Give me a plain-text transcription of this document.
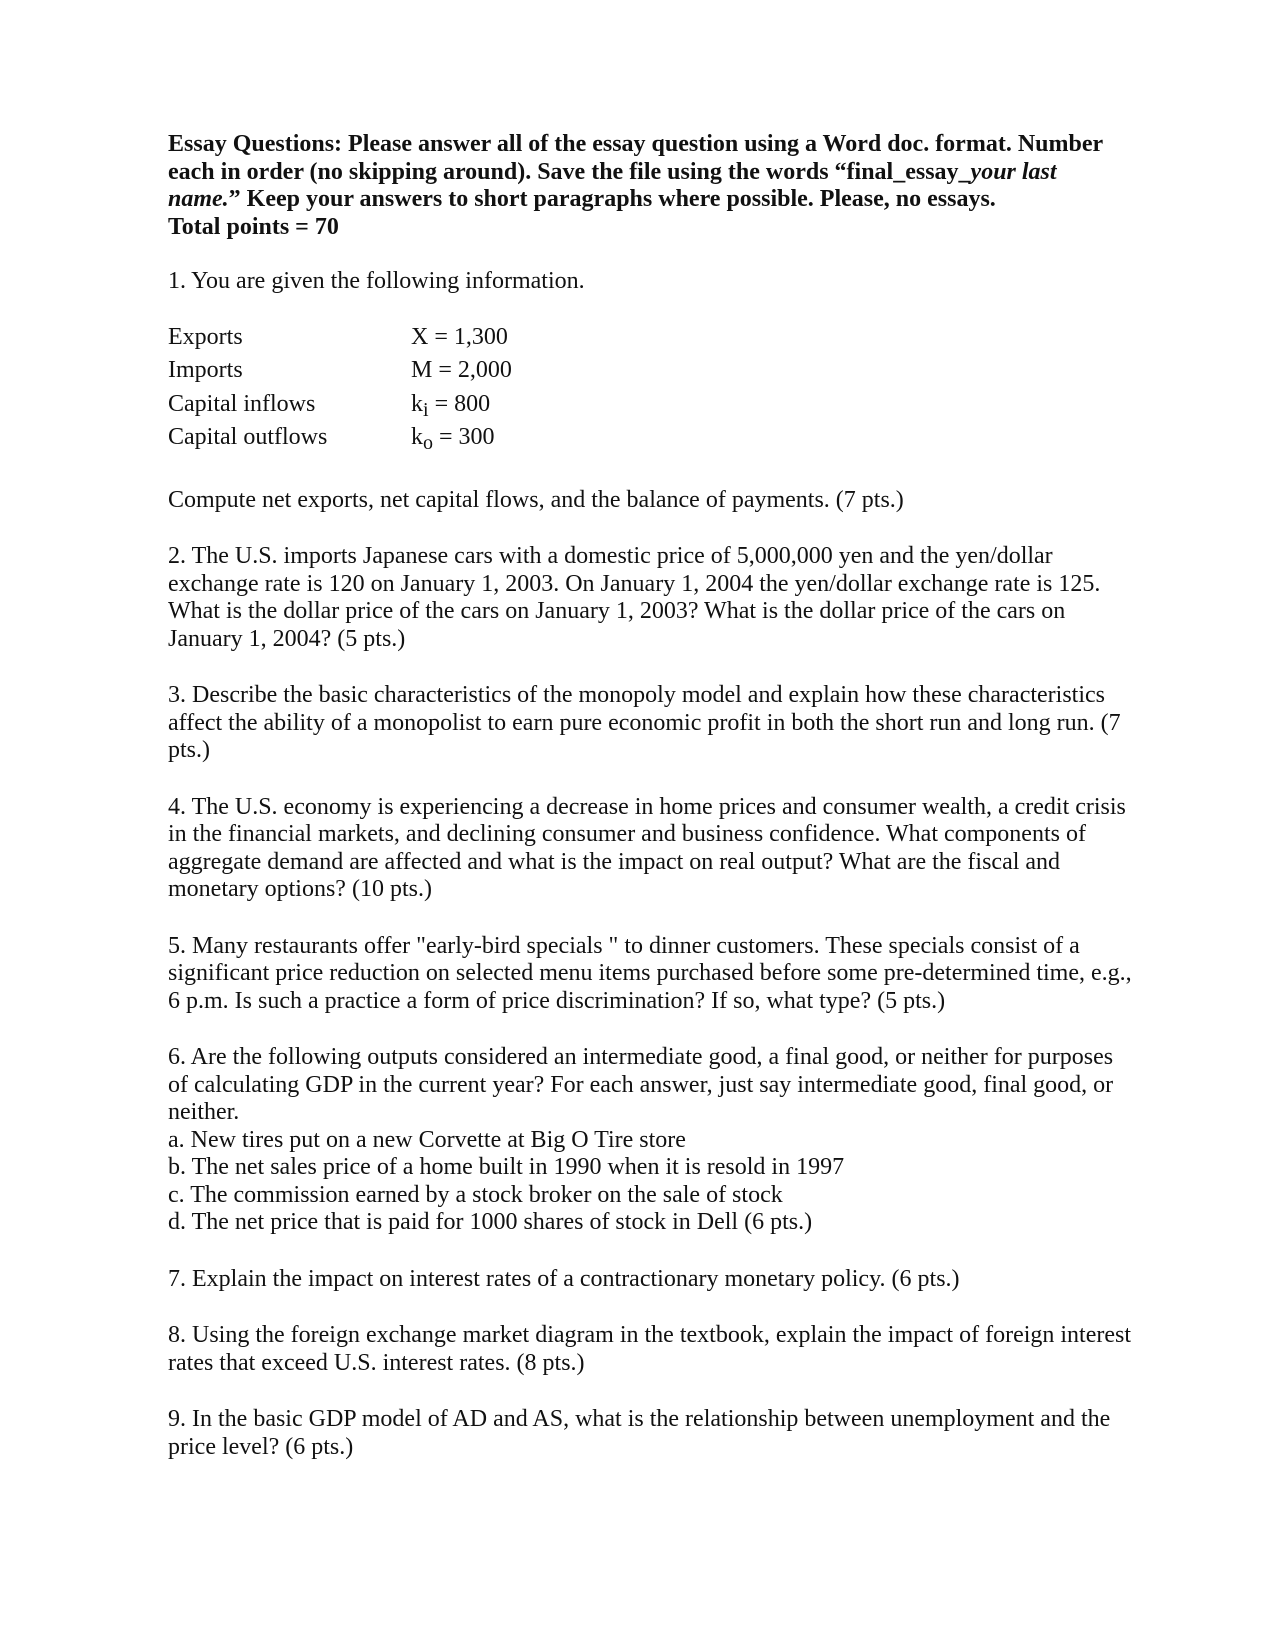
Essay Questions: Please answer all of the essay question using a Word doc. format. Number

each in order (no skipping around). Save the file using the words “final_essay_your last

name.” Keep your answers to short paragraphs where possible. Please, no essays.

Total points = 70

1. You are given the following information.

Exports	X = 1,300
Imports	M = 2,000
Capital inflows	$k_i = 800$
Capital outflows	$k_o = 300$

Compute net exports, net capital flows, and the balance of payments. (7 pts.)

2. The U.S. imports Japanese cars with a domestic price of 5,000,000 yen and the yen/dollar

exchange rate is 120 on January 1, 2003. On January 1, 2004 the yen/dollar exchange rate is 125.

What is the dollar price of the cars on January 1, 2003? What is the dollar price of the cars on

January 1, 2004? (5 pts.)

3. Describe the basic characteristics of the monopoly model and explain how these characteristics

affect the ability of a monopolist to earn pure economic profit in both the short run and long run. (7

pts.)

4. The U.S. economy is experiencing a decrease in home prices and consumer wealth, a credit crisis

in the financial markets, and declining consumer and business confidence. What components of

aggregate demand are affected and what is the impact on real output? What are the fiscal and

monetary options? (10 pts.)

5. Many restaurants offer "early-bird specials " to dinner customers. These specials consist of a

significant price reduction on selected menu items purchased before some pre-determined time, e.g.,

6 p.m. Is such a practice a form of price discrimination? If so, what type? (5 pts.)

6. Are the following outputs considered an intermediate good, a final good, or neither for purposes

of calculating GDP in the current year? For each answer, just say intermediate good, final good, or

neither.

a. New tires put on a new Corvette at Big O Tire store

b. The net sales price of a home built in 1990 when it is resold in 1997

c. The commission earned by a stock broker on the sale of stock

d. The net price that is paid for 1000 shares of stock in Dell (6 pts.)

7. Explain the impact on interest rates of a contractionary monetary policy. (6 pts.)

8. Using the foreign exchange market diagram in the textbook, explain the impact of foreign interest

rates that exceed U.S. interest rates. (8 pts.)

9. In the basic GDP model of AD and AS, what is the relationship between unemployment and the

price level? (6 pts.)
